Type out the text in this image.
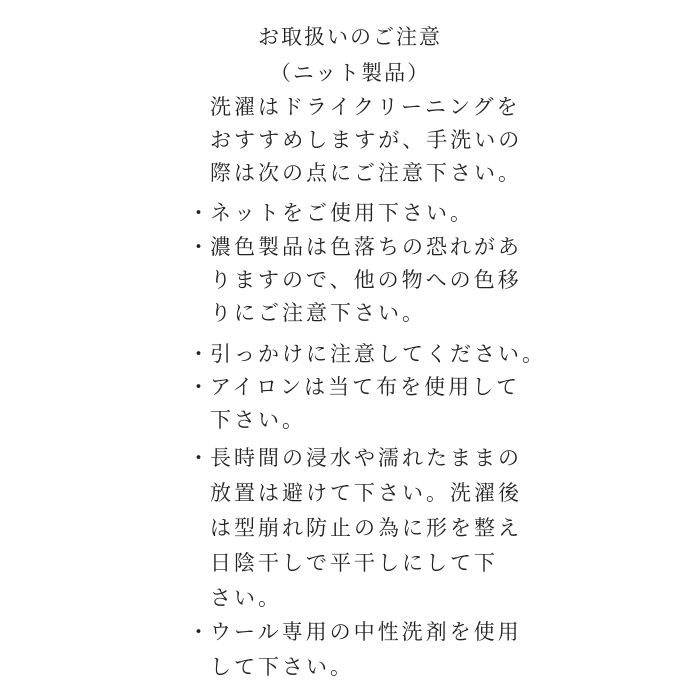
お取扱いのご注意
（ニット製品）
洗濯はドライクリーニングを
おすすめしますが、手洗いの
際は次の点にご注意下さい。
・ ネットをご使用下さい。
・ 濃色製品は色落ちの恐れがあ
りますので、他の物への色移
りにご注意下さい。
・ 引っかけに注意してください。
・ アイロンは当て布を使用して
下さい。
・ 長時間の浸水や濡れたままの
放置は避けて下さい。洗濯後
は型崩れ防止の為に形を整え
日陰干しで平干しにして下
さい。
・ ウール専用の中性洗剤を使用
して下さい。
